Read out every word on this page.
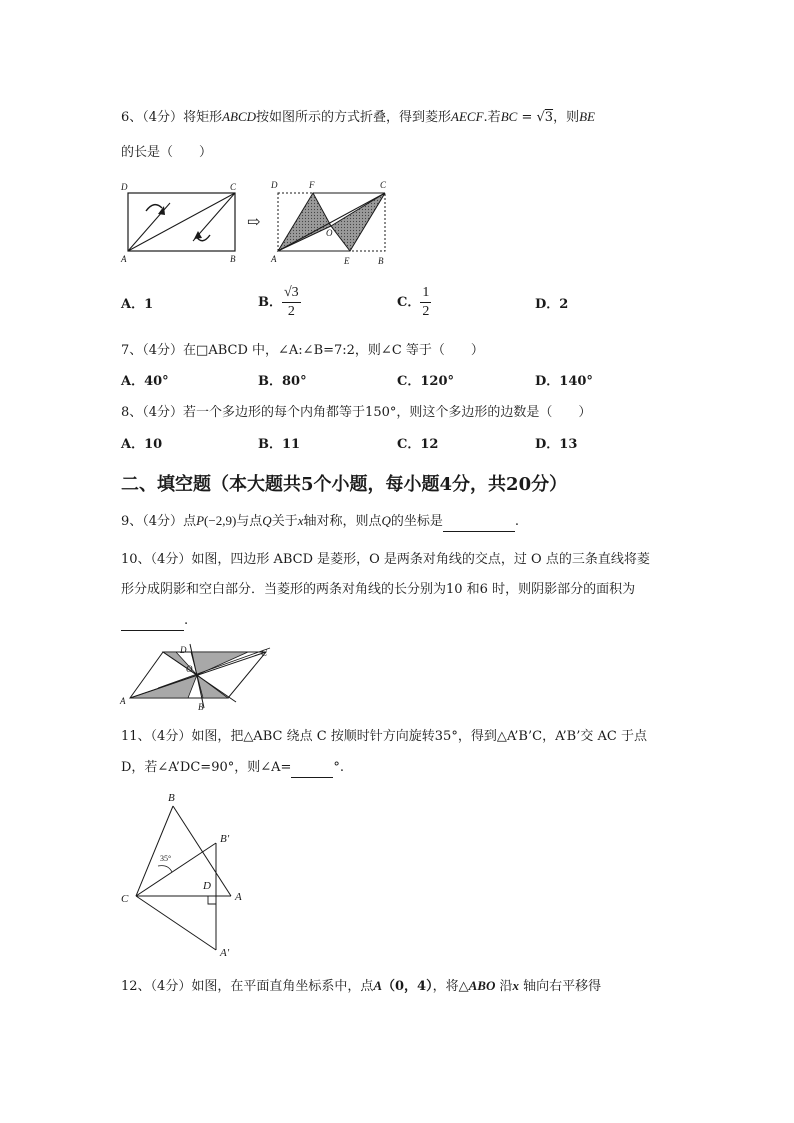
6、（4分）将矩形ABCD按如图所示的方式折叠，得到菱形AECF.若BC = √3，则BE
的长是（　　）
D	C
A	B
⇨
D	F	C
O
A	E	B
A．1	B． $\frac{√3}{2}$	C． $\frac{1}{2}$	D．2
7、（4分）在□ABCD 中，∠A:∠B=7:2，则∠C 等于（　　）
A．40°	B．80°	C．120°	D．140°
8、（4分）若一个多边形的每个内角都等于150°，则这个多边形的边数是（　　）
A．10	B．11	C．12	D．13
二、填空题（本大题共5个小题，每小题4分，共20分）
9、（4分）点P(−2,9)与点Q关于x轴对称，则点Q的坐标是	.
10、（4分）如图，四边形 ABCD 是菱形，O 是两条对角线的交点，过 O 点的三条直线将菱
形分成阴影和空白部分．当菱形的两条对角线的长分别为10 和6 时，则阴影部分的面积为
.
D	C
O
A
B
11、（4分）如图，把△ABC 绕点 C 按顺时针方向旋转35°，得到△A’B’C，A’B’交 AC 于点
D，若∠A’DC=90°，则∠A=	°.
B
B′
35°
D
C	A
A′
12、（4分）如图，在平面直角坐标系中，点A（0，4），将△ABO 沿x 轴向右平移得
